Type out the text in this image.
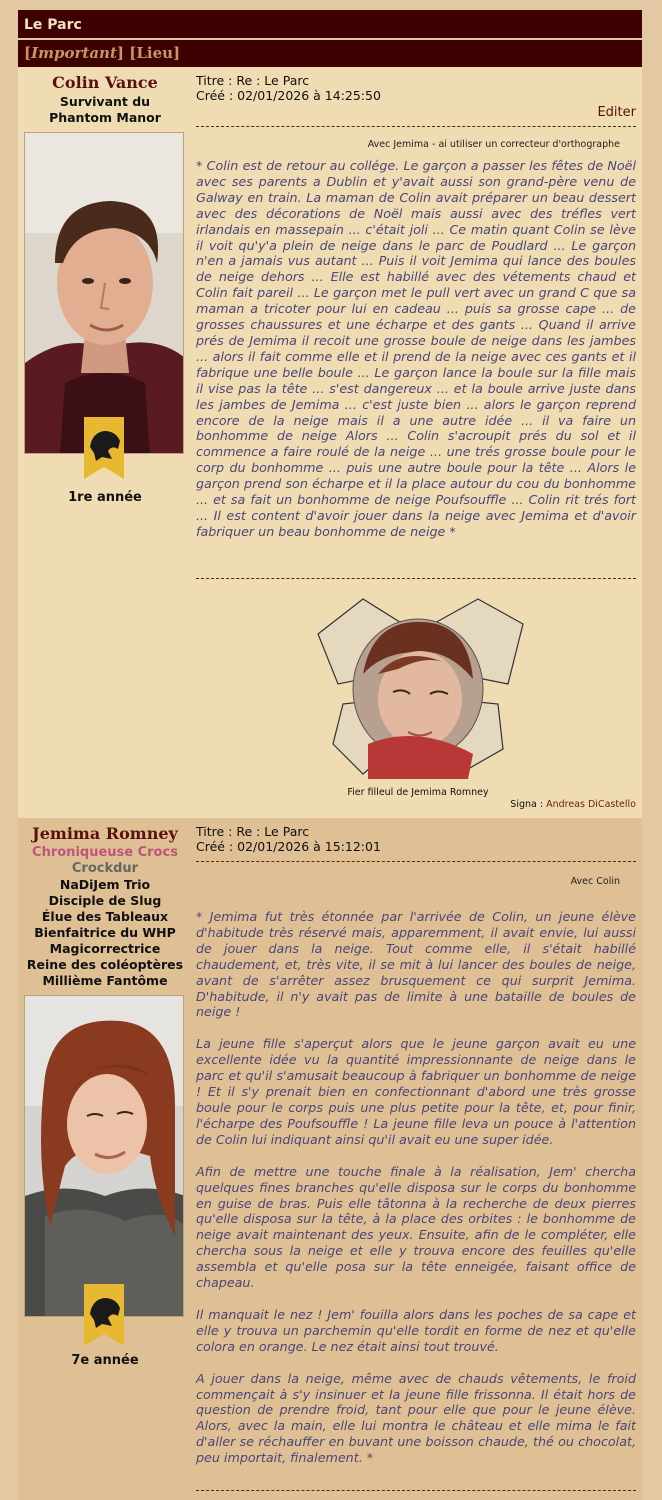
Le Parc
[Important] [Lieu]
Colin Vance
Survivant du
Phantom Manor
1re année
Titre : Re : Le Parc
Créé : 02/01/2026 à 14:25:50
Editer
Avec Jemima - ai utiliser un correcteur d'orthographe

* Colin est de retour au collége. Le garçon a passer les fêtes de Noël avec ses parents a Dublin et y'avait aussi son grand-père venu de Galway en train. La maman de Colin avait préparer un beau dessert avec des décorations de Noël mais aussi avec des tréfles vert irlandais en massepain ... c'était joli ... Ce matin quant Colin se lève il voit qu'y'a plein de neige dans le parc de Poudlard ... Le garçon n'en a jamais vus autant ... Puis il voit Jemima qui lance des boules de neige dehors ... Elle est habillé avec des vétements chaud et Colin fait pareil ... Le garçon met le pull vert avec un grand C que sa maman a tricoter pour lui en cadeau ... puis sa grosse cape ... de grosses chaussures et une écharpe et des gants ... Quand il arrive prés de Jemima il recoit une grosse boule de neige dans les jambes ... alors il fait comme elle et il prend de la neige avec ces gants et il fabrique une belle boule ... Le garçon lance la boule sur la fille mais il vise pas la tête ... s'est dangereux ... et la boule arrive juste dans les jambes de Jemima ... c'est juste bien ... alors le garçon reprend encore de la neige mais il a une autre idée ... il va faire un bonhomme de neige Alors ... Colin s'acroupit prés du sol et il commence a faire roulé de la neige ... une trés grosse boule pour le corp du bonhomme ... puis une autre boule pour la tête ... Alors le garçon prend son écharpe et il la place autour du cou du bonhomme ... et sa fait un bonhomme de neige Poufsouffle ... Colin rit trés fort ... Il est content d'avoir jouer dans la neige avec Jemima et d'avoir fabriquer un beau bonhomme de neige *

Fier filleul de Jemima Romney
Signa : Andreas DiCastello
Jemima Romney
Chroniqueuse Crocs
Crockdur
NaDiJem Trio
Disciple de Slug
Élue des Tableaux
Bienfaitrice du WHP
Magicorrectrice
Reine des coléoptères
Millième Fantôme
7e année
Titre : Re : Le Parc
Créé : 02/01/2026 à 15:12:01
Avec Colin

* Jemima fut très étonnée par l'arrivée de Colin, un jeune élève d'habitude très réservé mais, apparemment, il avait envie, lui aussi de jouer dans la neige. Tout comme elle, il s'était habillé chaudement, et, très vite, il se mit à lui lancer des boules de neige, avant de s'arrêter assez brusquement ce qui surprit Jemima. D'habitude, il n'y avait pas de limite à une bataille de boules de neige !

La jeune fille s'aperçut alors que le jeune garçon avait eu une excellente idée vu la quantité impressionnante de neige dans le parc et qu'il s'amusait beaucoup à fabriquer un bonhomme de neige ! Et il s'y prenait bien en confectionnant d'abord une très grosse boule pour le corps puis une plus petite pour la tête, et, pour finir, l'écharpe des Poufsouffle ! La jeune fille leva un pouce à l'attention de Colin lui indiquant ainsi qu'il avait eu une super idée.

Afin de mettre une touche finale à la réalisation, Jem' chercha quelques fines branches qu'elle disposa sur le corps du bonhomme en guise de bras. Puis elle tâtonna à la recherche de deux pierres qu'elle disposa sur la tête, à la place des orbites : le bonhomme de neige avait maintenant des yeux. Ensuite, afin de le compléter, elle chercha sous la neige et elle y trouva encore des feuilles qu'elle assembla et qu'elle posa sur la tête enneigée, faisant office de chapeau.

Il manquait le nez ! Jem' fouilla alors dans les poches de sa cape et elle y trouva un parchemin qu'elle tordit en forme de nez et qu'elle colora en orange. Le nez était ainsi tout trouvé.

A jouer dans la neige, même avec de chauds vêtements, le froid commençait à s'y insinuer et la jeune fille frissonna. Il était hors de question de prendre froid, tant pour elle que pour le jeune élève. Alors, avec la main, elle lui montra le château et elle mima le fait d'aller se réchauffer en buvant une boisson chaude, thé ou chocolat, peu importait, finalement. *
